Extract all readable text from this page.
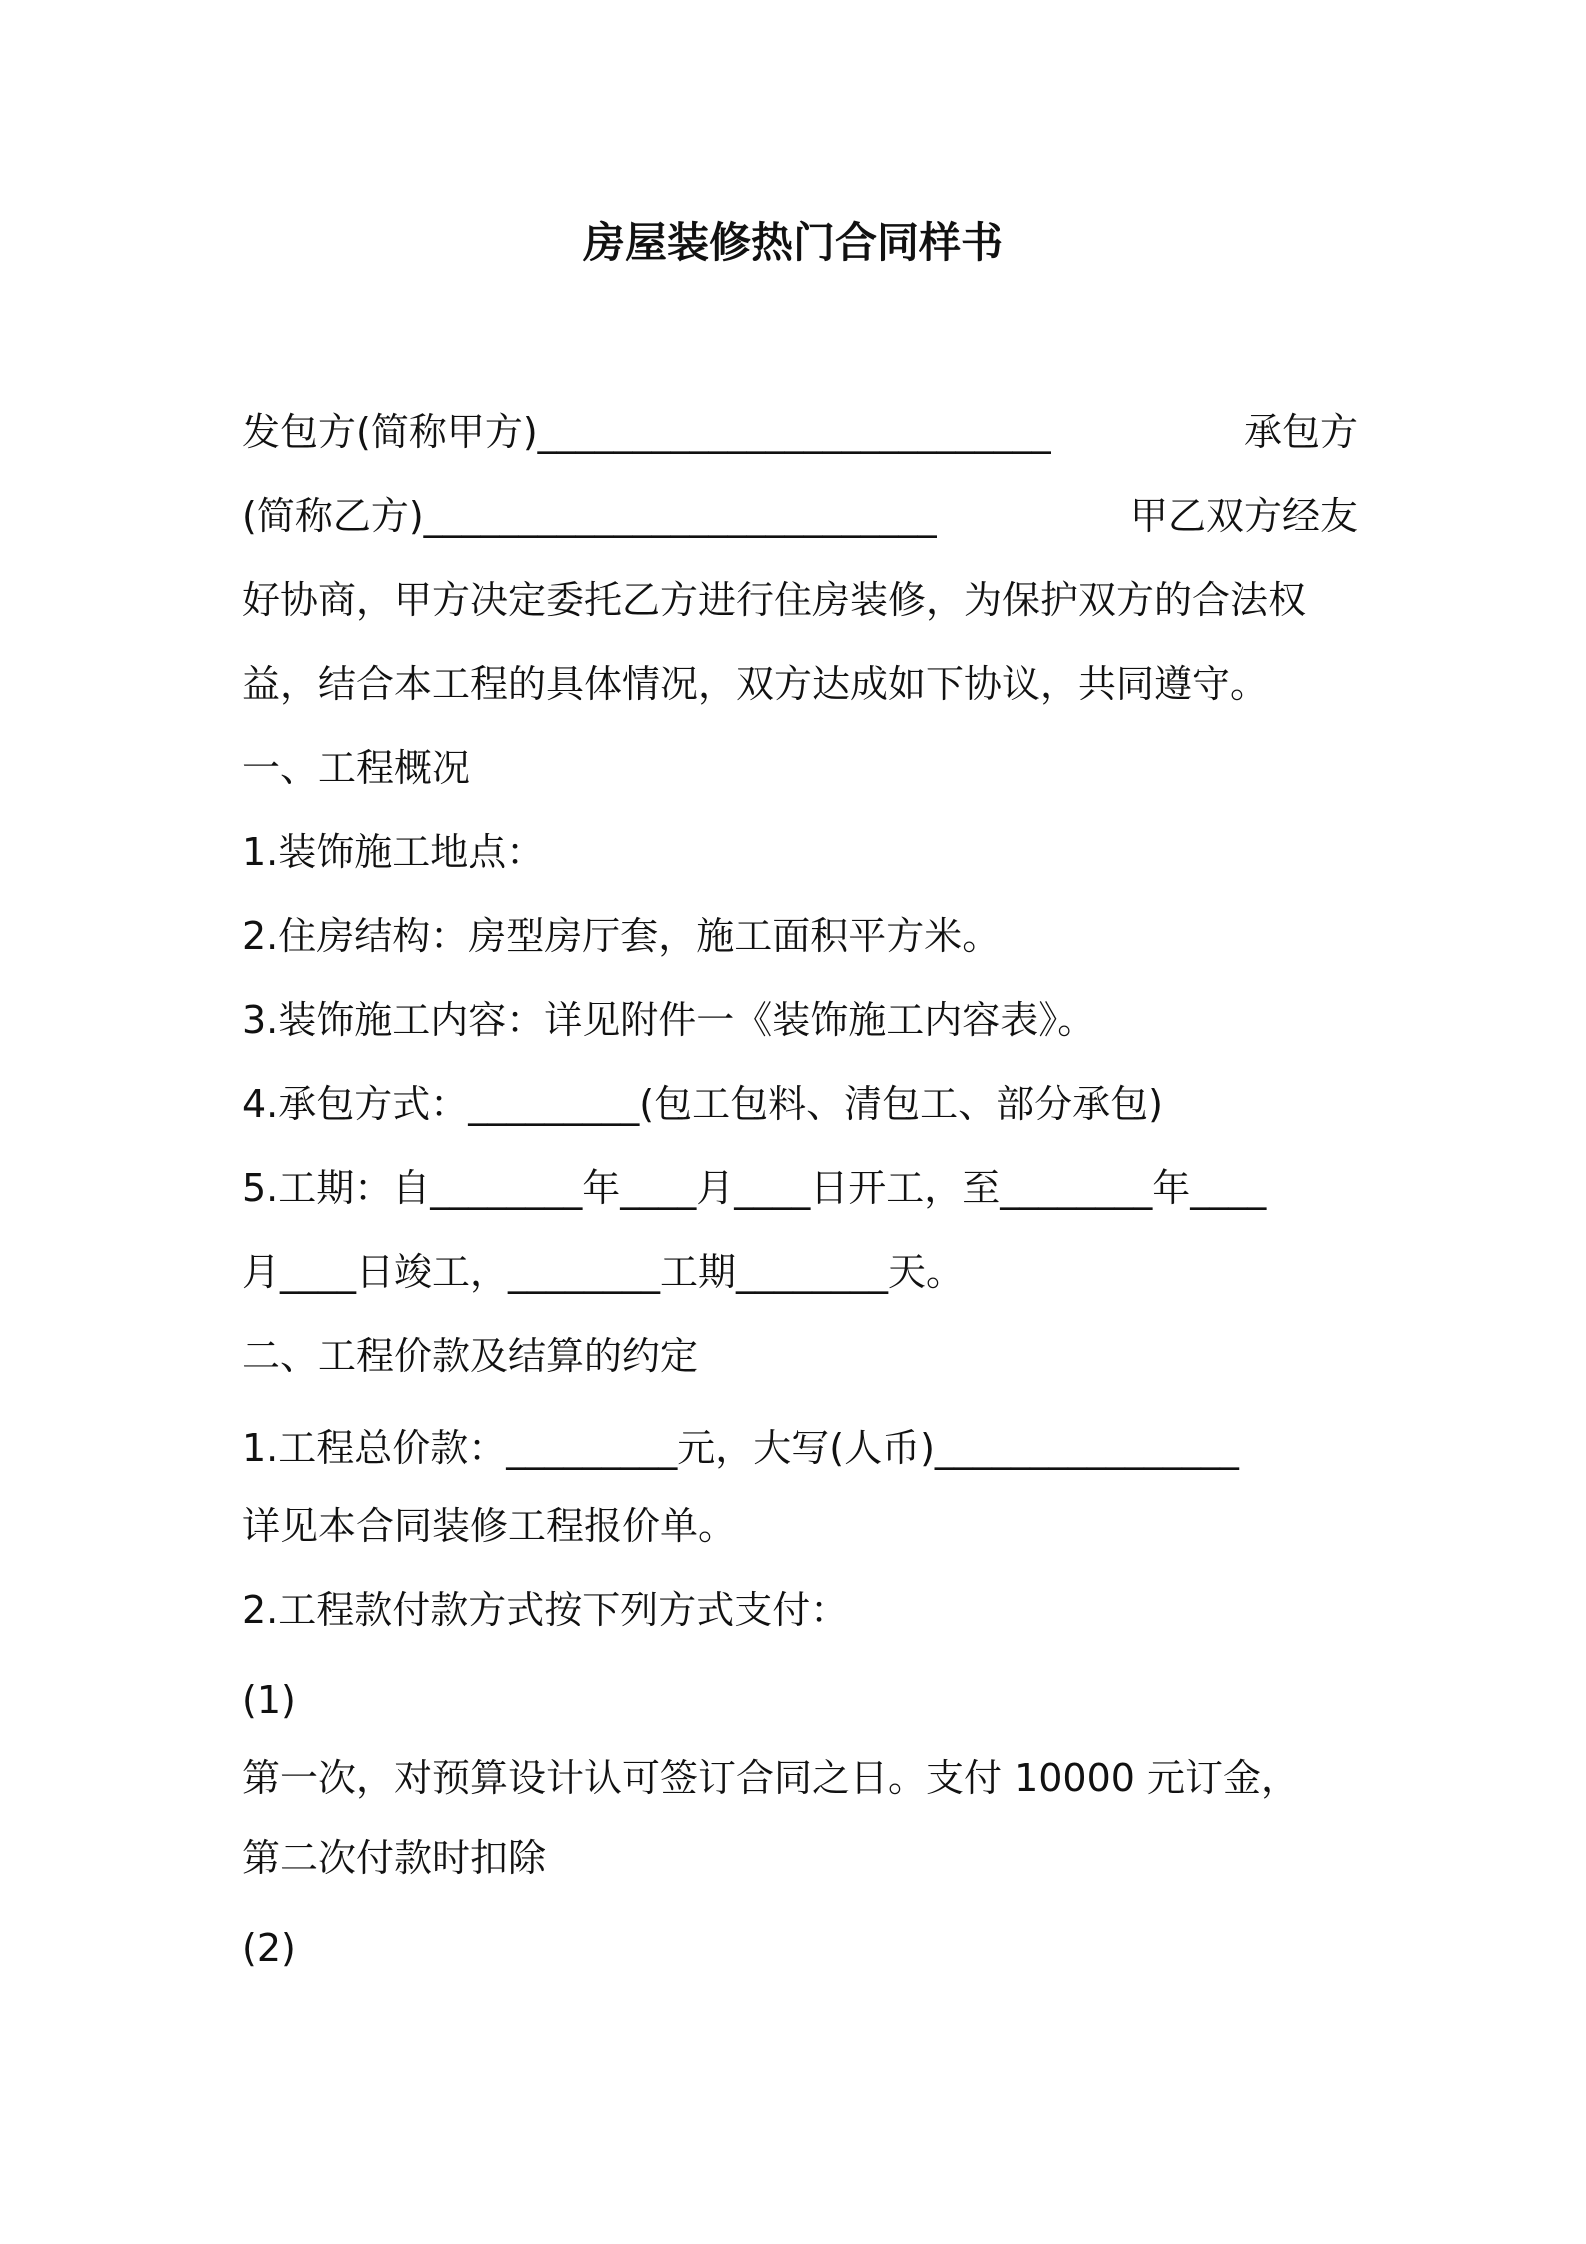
房屋装修热门合同样书
发包方(简称甲方)___________________________	承包方
(简称乙方)___________________________	甲乙双方经友
好协商，甲方决定委托乙方进行住房装修，为保护双方的合法权
益，结合本工程的具体情况，双方达成如下协议，共同遵守。
一、工程概况
1.装饰施工地点：
2.住房结构：房型房厅套，施工面积平方米。
3.装饰施工内容：详见附件一《装饰施工内容表》。
4.承包方式：_________(包工包料、清包工、部分承包)
5.工期：自________年____月____日开工，至________年____
月____日竣工，________工期________天。
二、工程价款及结算的约定
1.工程总价款：_________元，大写(人币)________________
详见本合同装修工程报价单。
2.工程款付款方式按下列方式支付：
(1)
第一次，对预算设计认可签订合同之日。支付 10000 元订金，
第二次付款时扣除
(2)
